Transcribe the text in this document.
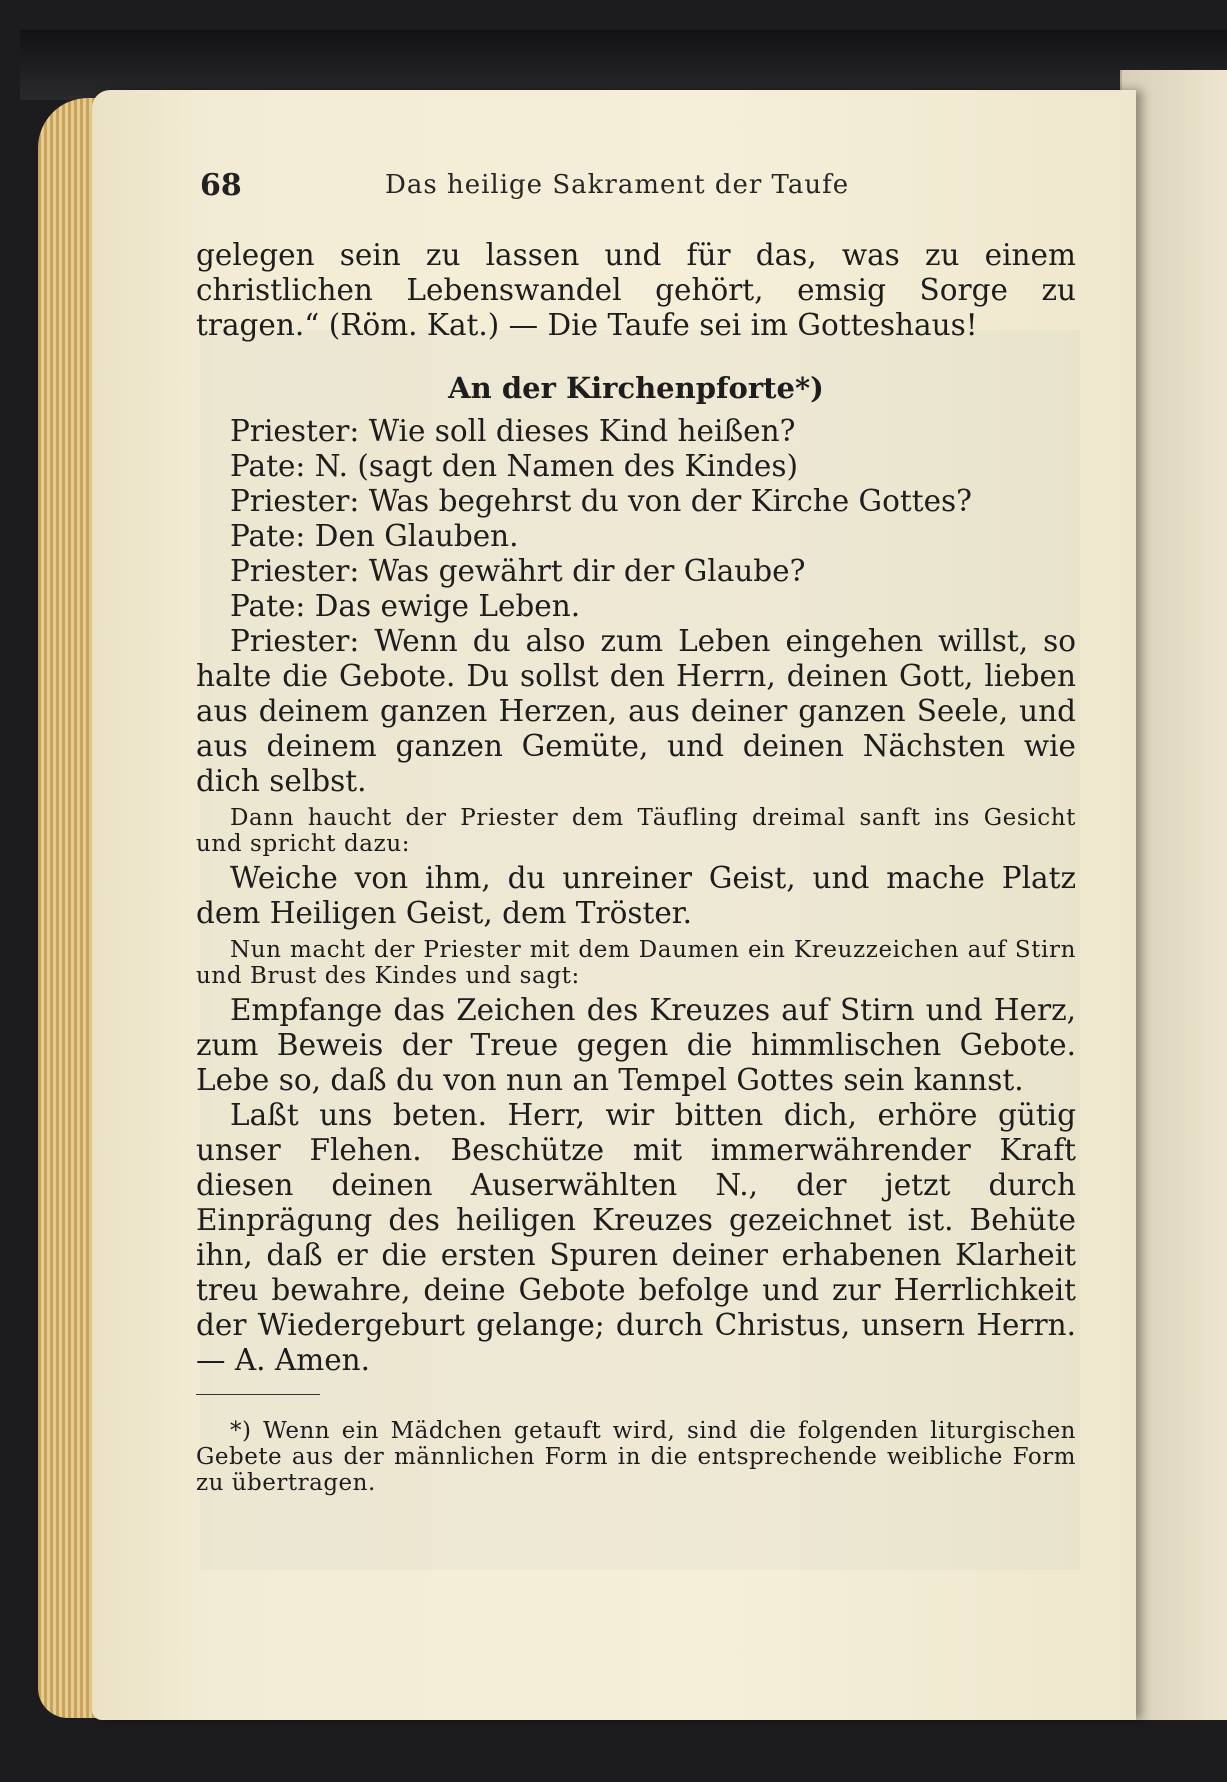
68	Das heilige Sakrament der Taufe

gelegen sein zu lassen und für das, was zu einem christlichen Lebenswandel gehört, emsig Sorge zu tragen.“ (Röm. Kat.) — Die Taufe sei im Gotteshaus!

An der Kirchenpforte*)

Priester: Wie soll dieses Kind heißen?

Pate: N. (sagt den Namen des Kindes)

Priester: Was begehrst du von der Kirche Gottes?

Pate: Den Glauben.

Priester: Was gewährt dir der Glaube?

Pate: Das ewige Leben.

Priester: Wenn du also zum Leben eingehen willst, so halte die Gebote. Du sollst den Herrn, deinen Gott, lieben aus deinem ganzen Herzen, aus deiner ganzen Seele, und aus deinem ganzen Gemüte, und deinen Nächsten wie dich selbst.

Dann haucht der Priester dem Täufling dreimal sanft ins Gesicht und spricht dazu:

Weiche von ihm, du unreiner Geist, und mache Platz dem Heiligen Geist, dem Tröster.

Nun macht der Priester mit dem Daumen ein Kreuzzeichen auf Stirn und Brust des Kindes und sagt:

Empfange das Zeichen des Kreuzes auf Stirn und Herz, zum Beweis der Treue gegen die himmlischen Gebote. Lebe so, daß du von nun an Tempel Gottes sein kannst.

Laßt uns beten. Herr, wir bitten dich, erhöre gütig unser Flehen. Beschütze mit immerwährender Kraft diesen deinen Auserwählten N., der jetzt durch Einprägung des heiligen Kreuzes gezeichnet ist. Behüte ihn, daß er die ersten Spuren deiner erhabenen Klarheit treu bewahre, deine Gebote befolge und zur Herrlichkeit der Wiedergeburt gelange; durch Christus, unsern Herrn. — A. Amen.

*) Wenn ein Mädchen getauft wird, sind die folgenden liturgischen Gebete aus der männlichen Form in die entsprechende weibliche Form zu übertragen.
